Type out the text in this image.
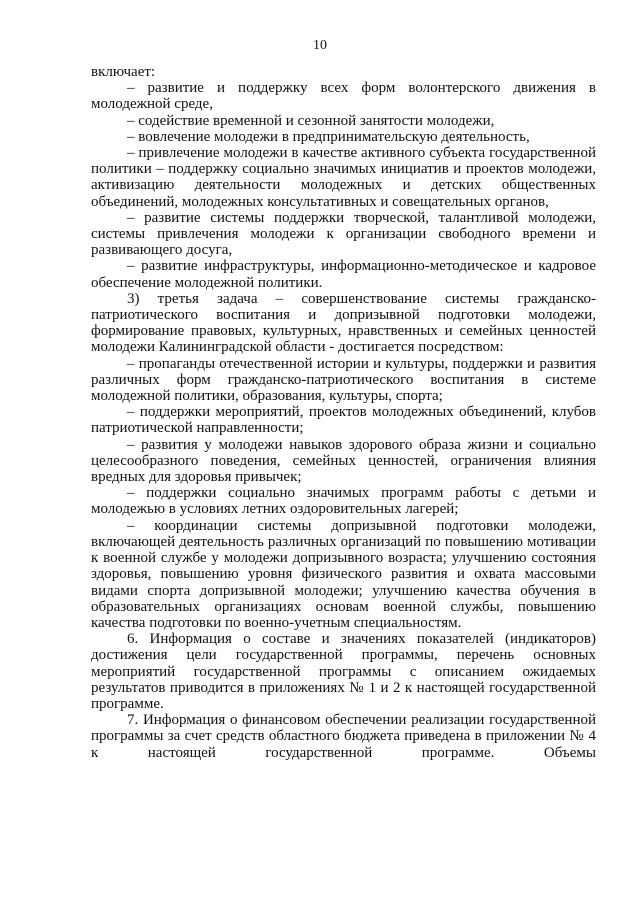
10

включает:

– развитие и поддержку всех форм волонтерского движения в молодежной среде,

– содействие временной и сезонной занятости молодежи,

– вовлечение молодежи в предпринимательскую деятельность,

– привлечение молодежи в качестве активного субъекта государственной политики – поддержку социально значимых инициатив и проектов молодежи, активизацию деятельности молодежных и детских общественных объединений, молодежных консультативных и совещательных органов,

– развитие системы поддержки творческой, талантливой молодежи, системы привлечения молодежи к организации свободного времени и развивающего досуга,

– развитие инфраструктуры, информационно-методическое и кадровое обеспечение молодежной политики.

3) третья задача – совершенствование системы гражданско-патриотического воспитания и допризывной подготовки молодежи, формирование правовых, культурных, нравственных и семейных ценностей молодежи Калининградской области - достигается посредством:

– пропаганды отечественной истории и культуры, поддержки и развития различных форм гражданско-патриотического воспитания в системе молодежной политики, образования, культуры, спорта;

– поддержки мероприятий, проектов молодежных объединений, клубов патриотической направленности;

– развития у молодежи навыков здорового образа жизни и социально целесообразного поведения, семейных ценностей, ограничения влияния вредных для здоровья привычек;

– поддержки социально значимых программ работы с детьми и молодежью в условиях летних оздоровительных лагерей;

– координации системы допризывной подготовки молодежи, включающей деятельность различных организаций по повышению мотивации к военной службе у молодежи допризывного возраста; улучшению состояния здоровья, повышению уровня физического развития и охвата массовыми видами спорта допризывной молодежи; улучшению качества обучения в образовательных организациях основам военной службы, повышению качества подготовки по военно-учетным специальностям.

6. Информация о составе и значениях показателей (индикаторов) достижения цели государственной программы, перечень основных мероприятий государственной программы с описанием ожидаемых результатов приводится в приложениях № 1 и 2 к настоящей государственной программе.

7. Информация о финансовом обеспечении реализации государственной программы за счет средств областного бюджета приведена в приложении № 4 к настоящей государственной программе. Объемы
